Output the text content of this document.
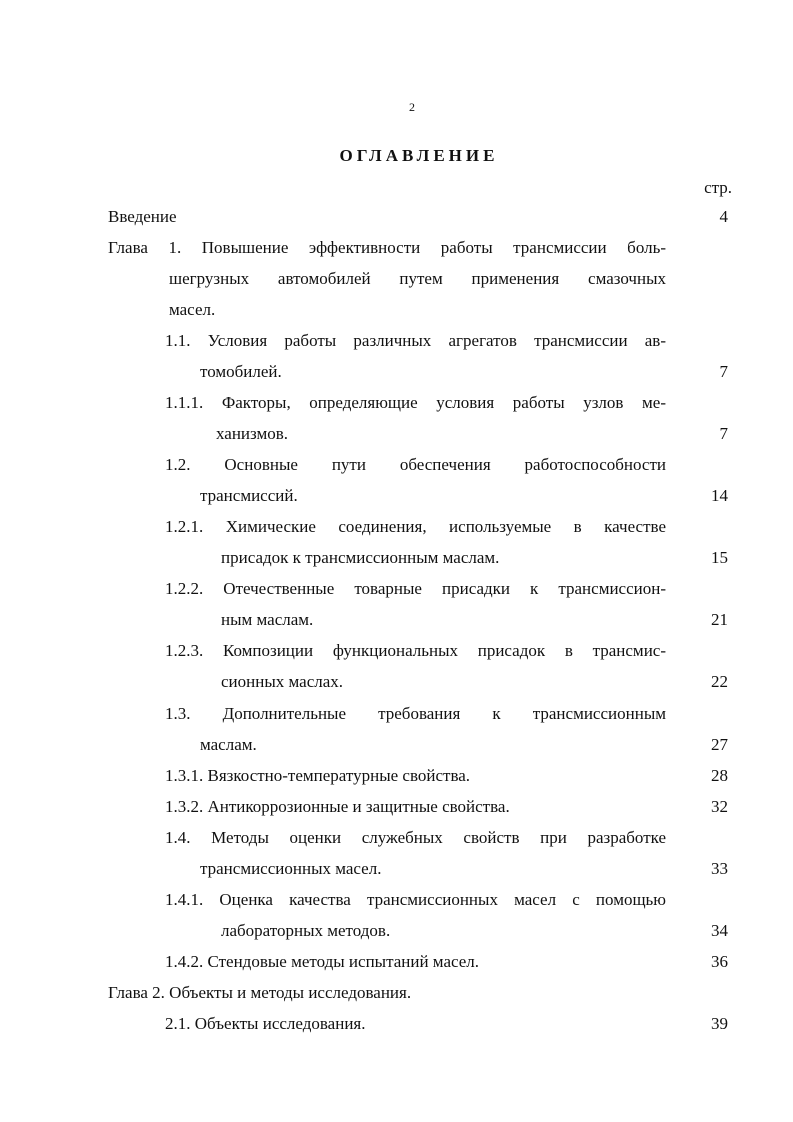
2
ОГЛАВЛЕНИЕ
стр.
Введение	4
Глава 1. Повышение эффективности работы трансмиссии боль-
шегрузных автомобилей путем применения смазочных
масел.
1.1. Условия работы различных агрегатов трансмиссии ав-
томобилей.	7
1.1.1. Факторы, определяющие условия работы узлов ме-
ханизмов.	7
1.2. Основные пути обеспечения работоспособности
трансмиссий.	14
1.2.1. Химические соединения, используемые в качестве
присадок к трансмиссионным маслам.	15
1.2.2. Отечественные товарные присадки к трансмиссион-
ным маслам.	21
1.2.3. Композиции функциональных присадок в трансмис-
сионных маслах.	22
1.3. Дополнительные требования к трансмиссионным
маслам.	27
1.3.1. Вязкостно-температурные свойства.	28
1.3.2. Антикоррозионные и защитные свойства.	32
1.4. Методы оценки служебных свойств при разработке
трансмиссионных масел.	33
1.4.1. Оценка качества трансмиссионных масел с помощью
лабораторных методов.	34
1.4.2. Стендовые методы испытаний масел.	36
Глава 2. Объекты и методы исследования.
2.1. Объекты исследования.	39
